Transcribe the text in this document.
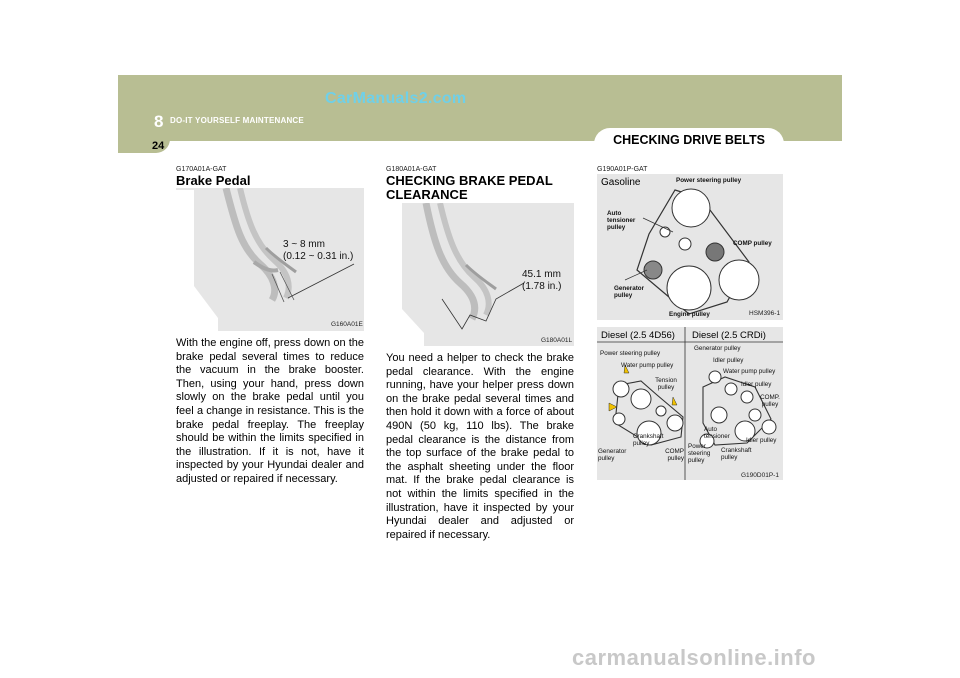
8 DO-IT YOURSELF MAINTENANCE
24
CarManuals2.com
CHECKING DRIVE BELTS
G170A01A-GAT
Brake Pedal
3 ~ 8 mm
(0.12 ~ 0.31 in.)
G160A01E
With the engine off, press down on the brake pedal several times to reduce the vacuum in the brake booster. Then, using your hand, press down slowly on the brake pedal until you feel a change in resistance. This is the brake pedal freeplay. The freeplay should be within the limits specified in the illustration. If it is not, have it inspected by your Hyundai dealer and adjusted or repaired if necessary.
G180A01A-GAT
CHECKING BRAKE PEDAL
CLEARANCE
45.1 mm
(1.78 in.)
G180A01L
You need a helper to check the brake pedal clearance. With the engine running, have your helper press down on the brake pedal several times and then hold it down with a force of about 490N (50 kg, 110 lbs). The brake pedal clearance is the distance from the top surface of the brake pedal to the asphalt sheeting under the floor mat. If the brake pedal clearance is not within the limits specified in the illustration, have it inspected by your Hyundai dealer and adjusted or repaired if necessary.
G190A01P-GAT
Gasoline	Power steering pulley
Auto tensioner pulley
COMP pulley
Generator pulley
Engine pulley	HSM396-1
Diesel (2.5 4D56) Diesel (2.5 CRDi)
Power steering pulley
Water pump pulley
Tension pulley
Crankshaft pulley
Generator pulley
COMP pulley
Generator pulley
Idler pulley
Water pump pulley
Idler pulley
COMP. pulley
Auto tensioner
Idler pulley
Crankshaft pulley
Power steering pulley
G190D01P-1
carmanualsonline.info
